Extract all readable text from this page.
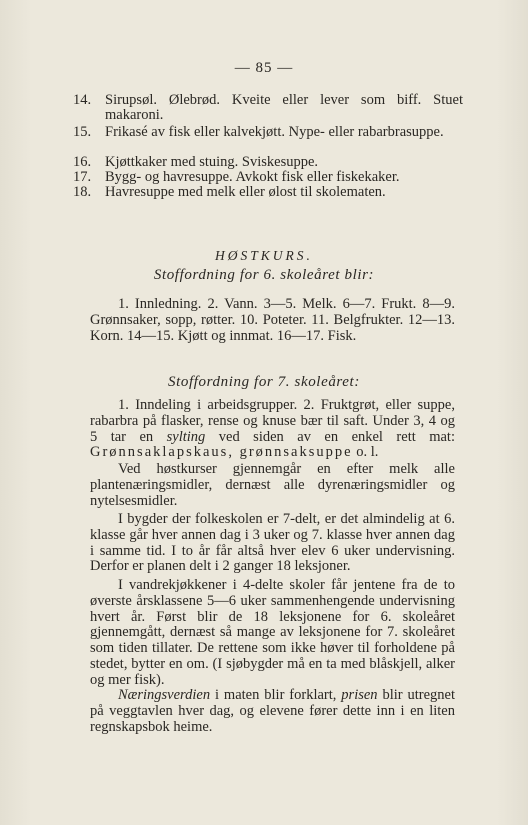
— 85 —
14. Sirupsøl. Ølebrød. Kveite eller lever som biff. Stuet makaroni.
15. Frikasé av fisk eller kalvekjøtt. Nype- eller rabarbrasuppe.
16. Kjøttkaker med stuing. Sviskesuppe.
17. Bygg- og havresuppe. Avkokt fisk eller fiskekaker.
18. Havresuppe med melk eller ølost til skolematen.
HØSTKURS.
Stoffordning for 6. skoleåret blir:
1. Innledning. 2. Vann. 3—5. Melk. 6—7. Frukt. 8—9. Grønnsaker, sopp, røtter. 10. Poteter. 11. Belgfrukter. 12—13. Korn. 14—15. Kjøtt og innmat. 16—17. Fisk.
Stoffordning for 7. skoleåret:
1. Inndeling i arbeidsgrupper. 2. Fruktgrøt, eller suppe, rabarbra på flasker, rense og knuse bær til saft. Under 3, 4 og 5 tar en sylting ved siden av en enkel rett mat: Grønnsaklapskaus, grønnsaksuppe o. l.
Ved høstkurser gjennemgår en efter melk alle plantenæringsmidler, dernæst alle dyrenæringsmidler og nytelsesmidler.
I bygder der folkeskolen er 7-delt, er det almindelig at 6. klasse går hver annen dag i 3 uker og 7. klasse hver annen dag i samme tid. I to år får altså hver elev 6 uker undervisning. Derfor er planen delt i 2 ganger 18 leksjoner.
I vandrekjøkkener i 4-delte skoler får jentene fra de to øverste årsklassene 5—6 uker sammenhengende undervisning hvert år. Først blir de 18 leksjonene for 6. skoleåret gjennemgått, dernæst så mange av leksjonene for 7. skoleåret som tiden tillater. De rettene som ikke høver til forholdene på stedet, bytter en om. (I sjøbygder må en ta med blåskjell, alker og mer fisk).
Næringsverdien i maten blir forklart, prisen blir utregnet på veggtavlen hver dag, og elevene fører dette inn i en liten regnskapsbok heime.
